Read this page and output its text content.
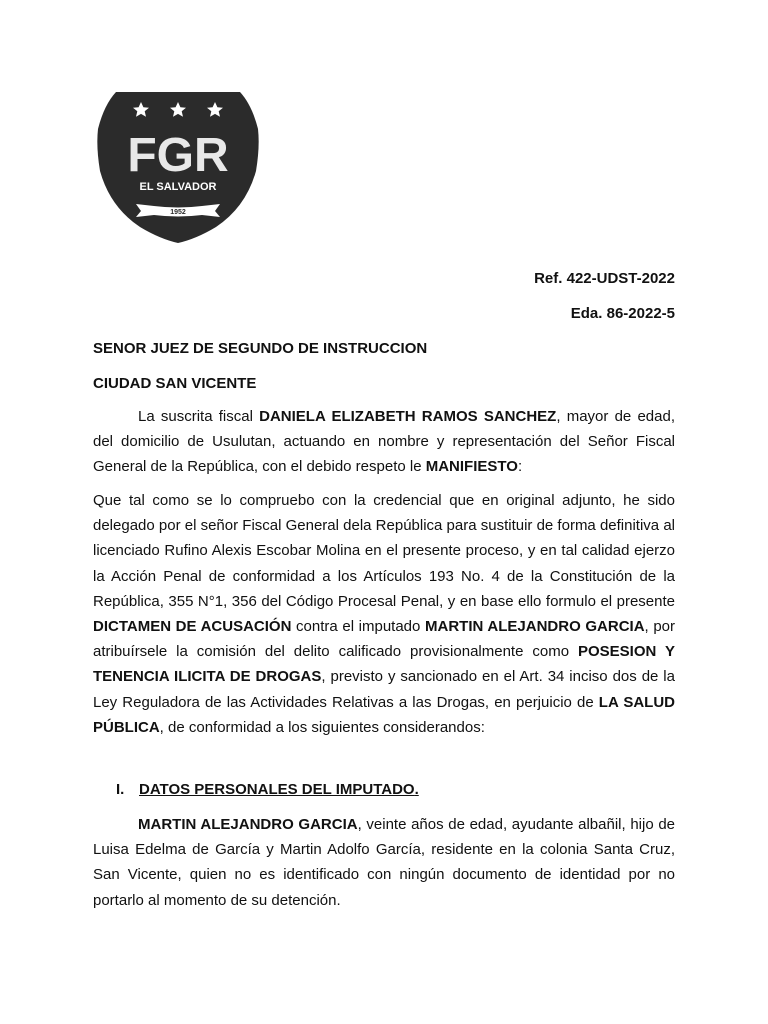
FGR
EL SALVADOR
1952
Ref. 422-UDST-2022
Eda. 86-2022-5
SENOR JUEZ DE SEGUNDO DE INSTRUCCION
CIUDAD SAN VICENTE

La suscrita fiscal DANIELA ELIZABETH RAMOS SANCHEZ, mayor de edad, del domicilio de Usulutan, actuando en nombre y representación del Señor Fiscal General de la República, con el debido respeto le MANIFIESTO:

Que tal como se lo compruebo con la credencial que en original adjunto, he sido delegado por el señor Fiscal General dela República para sustituir de forma definitiva al licenciado Rufino Alexis Escobar Molina en el presente proceso, y en tal calidad ejerzo la Acción Penal de conformidad a los Artículos 193 No. 4 de la Constitución de la República, 355 N°1, 356 del Código Procesal Penal, y en base ello formulo el presente DICTAMEN DE ACUSACIÓN contra el imputado MARTIN ALEJANDRO GARCIA, por atribuírsele la comisión del delito calificado provisionalmente como POSESION Y TENENCIA ILICITA DE DROGAS, previsto y sancionado en el Art. 34 inciso dos de la Ley Reguladora de las Actividades Relativas a las Drogas, en perjuicio de LA SALUD PÚBLICA, de conformidad a los siguientes considerandos:

I. DATOS PERSONALES DEL IMPUTADO.

MARTIN ALEJANDRO GARCIA, veinte años de edad, ayudante albañil, hijo de Luisa Edelma de García y Martin Adolfo García, residente en la colonia Santa Cruz, San Vicente, quien no es identificado con ningún documento de identidad por no portarlo al momento de su detención.
